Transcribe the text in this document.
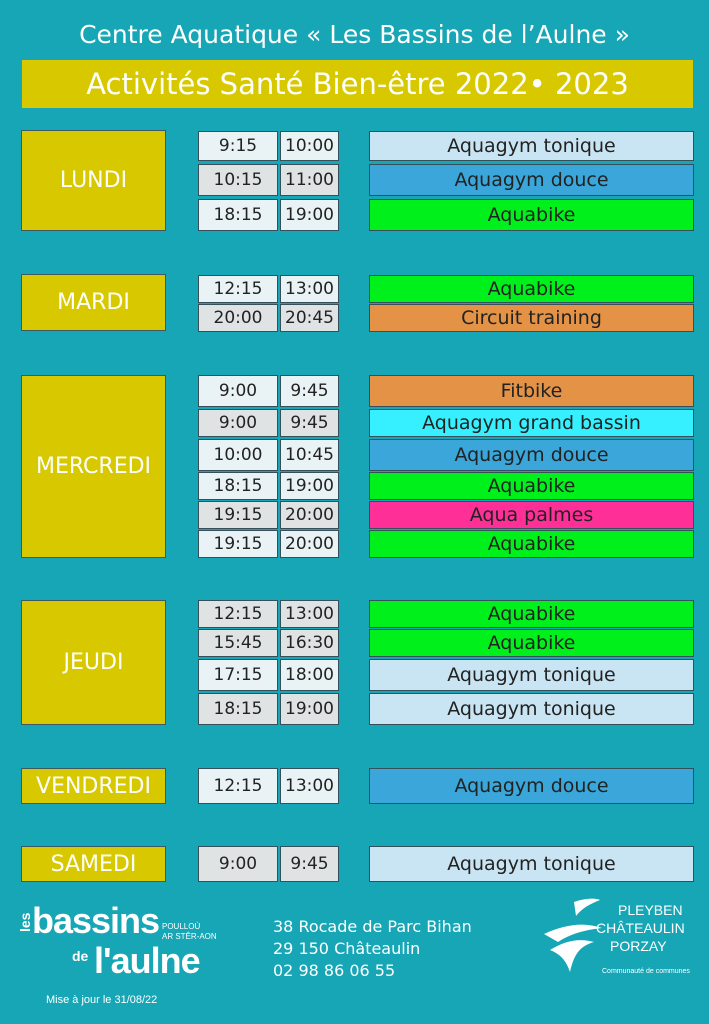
Centre Aquatique « Les Bassins de l’Aulne »
Activités Santé Bien-être 2022• 2023
LUNDI
9:15	10:00	Aquagym tonique
10:15	11:00	Aquagym douce
18:15	19:00	Aquabike
MARDI
12:15	13:00	Aquabike
20:00	20:45	Circuit training
MERCREDI
9:00	9:45	Fitbike
9:00	9:45	Aquagym grand bassin
10:00	10:45	Aquagym douce
18:15	19:00	Aquabike
19:15	20:00	Aqua palmes
19:15	20:00	Aquabike
JEUDI
12:15	13:00	Aquabike
15:45	16:30	Aquabike
17:15	18:00	Aquagym tonique
18:15	19:00	Aquagym tonique
VENDREDI	12:15	13:00	Aquagym douce
SAMEDI	9:00	9:45	Aquagym tonique
les bassins
de l'aulne
POULLOÙ
AR STÊR-AON
38 Rocade de Parc Bihan
29 150 Châteaulin
02 98 86 06 55
Mise à jour le 31/08/22
PLEYBEN
CHÂTEAULIN
PORZAY
Communauté de communes
